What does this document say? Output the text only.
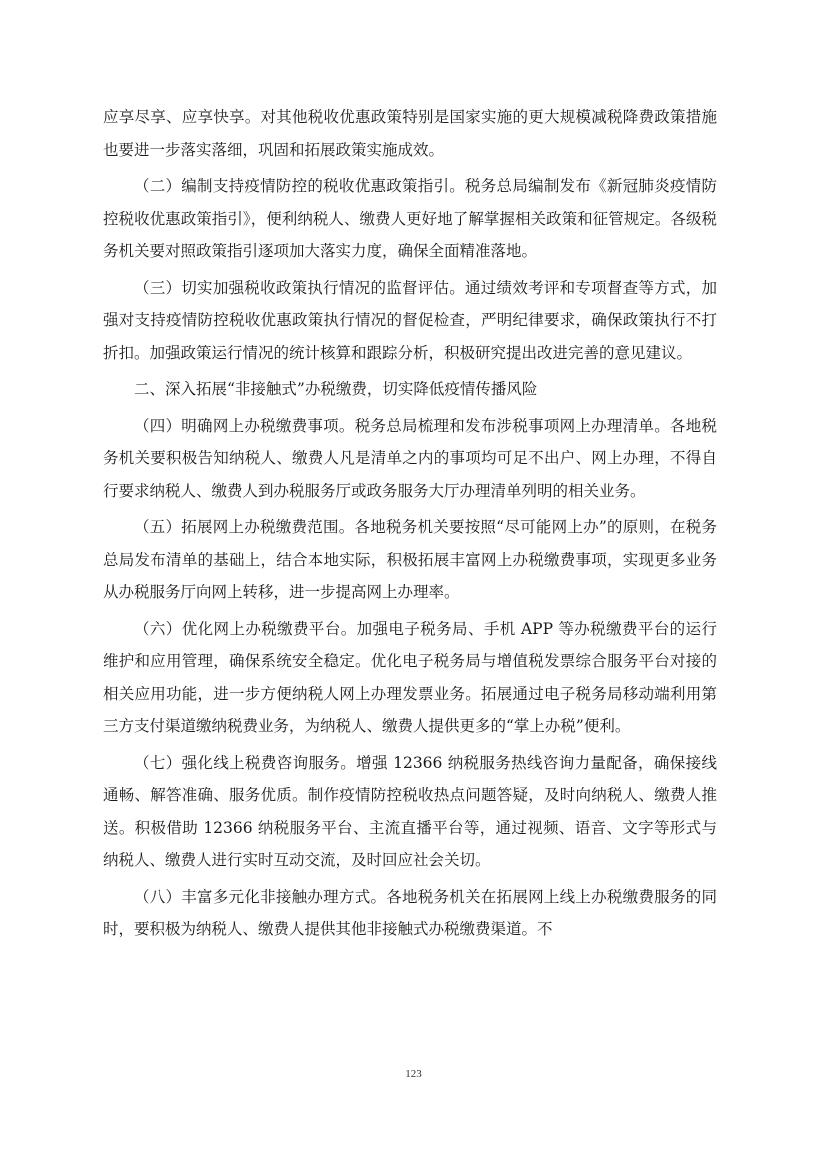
应享尽享、应享快享。对其他税收优惠政策特别是国家实施的更大规模减税降费政策措施也要进一步落实落细，巩固和拓展政策实施成效。

（二）编制支持疫情防控的税收优惠政策指引。税务总局编制发布《新冠肺炎疫情防控税收优惠政策指引》，便利纳税人、缴费人更好地了解掌握相关政策和征管规定。各级税务机关要对照政策指引逐项加大落实力度，确保全面精准落地。

（三）切实加强税收政策执行情况的监督评估。通过绩效考评和专项督查等方式，加强对支持疫情防控税收优惠政策执行情况的督促检查，严明纪律要求，确保政策执行不打折扣。加强政策运行情况的统计核算和跟踪分析，积极研究提出改进完善的意见建议。

二、深入拓展“非接触式”办税缴费，切实降低疫情传播风险

（四）明确网上办税缴费事项。税务总局梳理和发布涉税事项网上办理清单。各地税务机关要积极告知纳税人、缴费人凡是清单之内的事项均可足不出户、网上办理，不得自行要求纳税人、缴费人到办税服务厅或政务服务大厅办理清单列明的相关业务。

（五）拓展网上办税缴费范围。各地税务机关要按照“尽可能网上办”的原则，在税务总局发布清单的基础上，结合本地实际，积极拓展丰富网上办税缴费事项，实现更多业务从办税服务厅向网上转移，进一步提高网上办理率。

（六）优化网上办税缴费平台。加强电子税务局、手机 APP 等办税缴费平台的运行维护和应用管理，确保系统安全稳定。优化电子税务局与增值税发票综合服务平台对接的相关应用功能，进一步方便纳税人网上办理发票业务。拓展通过电子税务局移动端利用第三方支付渠道缴纳税费业务，为纳税人、缴费人提供更多的“掌上办税”便利。

（七）强化线上税费咨询服务。增强 12366 纳税服务热线咨询力量配备，确保接线通畅、解答准确、服务优质。制作疫情防控税收热点问题答疑，及时向纳税人、缴费人推送。积极借助 12366 纳税服务平台、主流直播平台等，通过视频、语音、文字等形式与纳税人、缴费人进行实时互动交流，及时回应社会关切。

（八）丰富多元化非接触办理方式。各地税务机关在拓展网上线上办税缴费服务的同时，要积极为纳税人、缴费人提供其他非接触式办税缴费渠道。不

123
